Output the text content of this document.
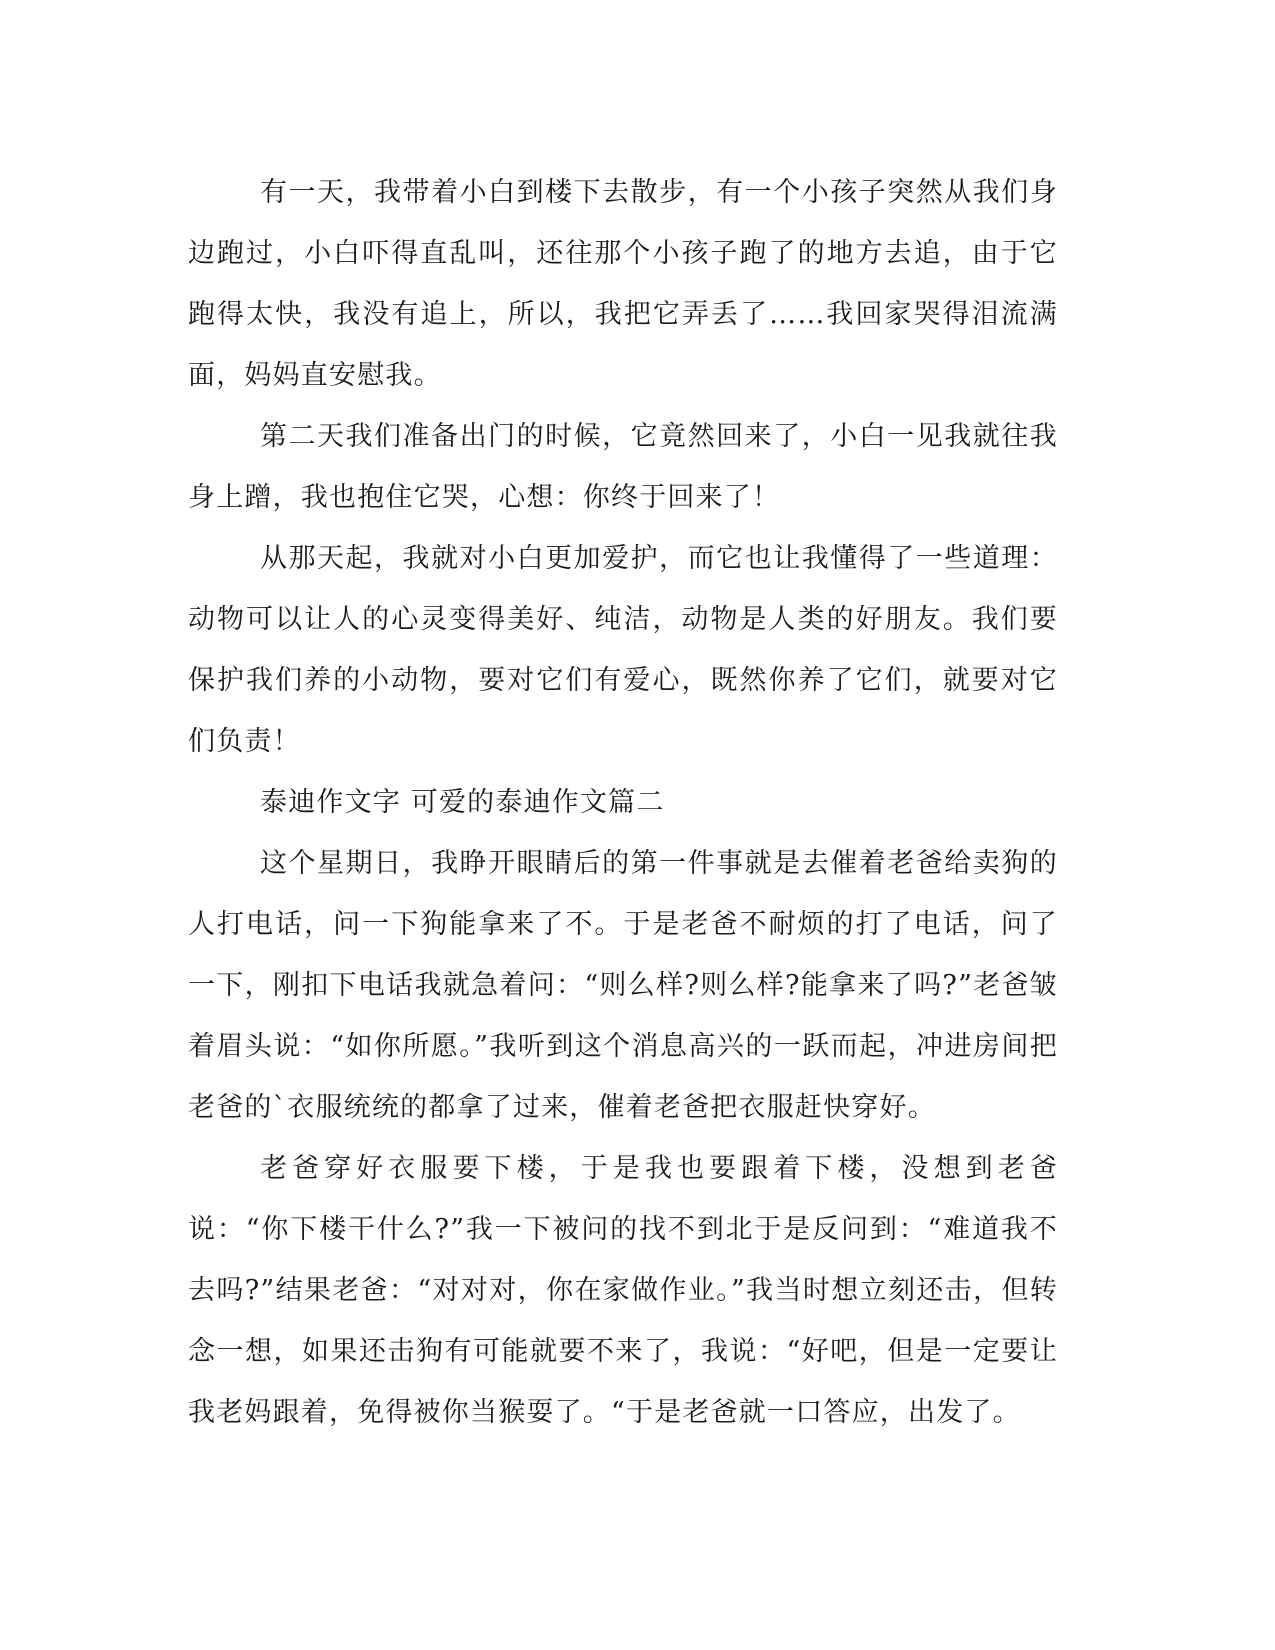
有一天，我带着小白到楼下去散步，有一个小孩子突然从我们身边跑过，小白吓得直乱叫，还往那个小孩子跑了的地方去追，由于它跑得太快，我没有追上，所以，我把它弄丢了……我回家哭得泪流满面，妈妈直安慰我。

第二天我们准备出门的时候，它竟然回来了，小白一见我就往我身上蹭，我也抱住它哭，心想：你终于回来了！

从那天起，我就对小白更加爱护，而它也让我懂得了一些道理：动物可以让人的心灵变得美好、纯洁，动物是人类的好朋友。我们要保护我们养的小动物，要对它们有爱心，既然你养了它们，就要对它们负责！

泰迪作文字 可爱的泰迪作文篇二

这个星期日，我睁开眼睛后的第一件事就是去催着老爸给卖狗的人打电话，问一下狗能拿来了不。于是老爸不耐烦的打了电话，问了一下，刚扣下电话我就急着问：“则么样?则么样?能拿来了吗?”老爸皱着眉头说：“如你所愿。”我听到这个消息高兴的一跃而起，冲进房间把老爸的`衣服统统的都拿了过来，催着老爸把衣服赶快穿好。

老爸穿好衣服要下楼，于是我也要跟着下楼，没想到老爸说：“你下楼干什么?”我一下被问的找不到北于是反问到：“难道我不去吗?”结果老爸：“对对对，你在家做作业。”我当时想立刻还击，但转念一想，如果还击狗有可能就要不来了，我说：“好吧，但是一定要让我老妈跟着，免得被你当猴耍了。“于是老爸就一口答应，出发了。
